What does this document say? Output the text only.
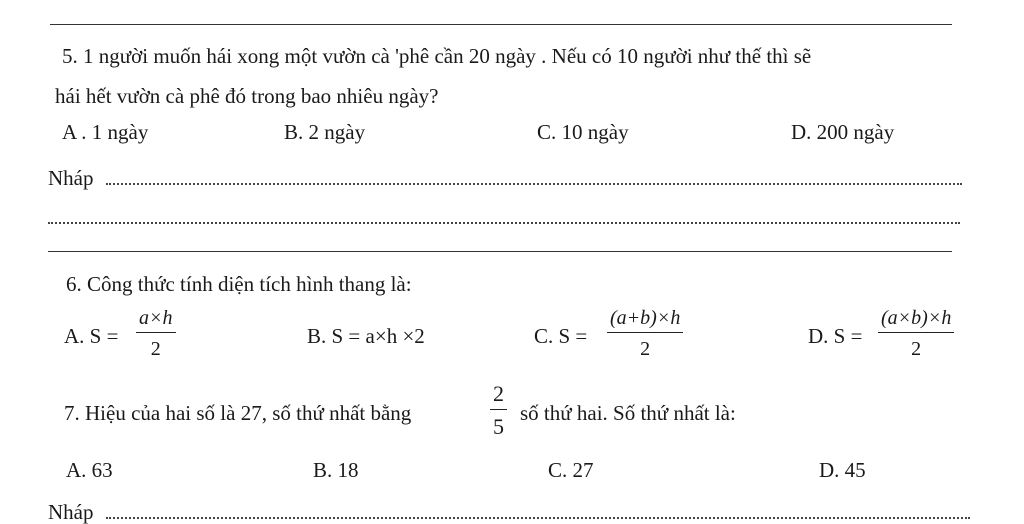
5. 1 người muốn hái xong một vườn cà 'phê cần 20 ngày . Nếu có 10 người như thế thì sẽ
hái hết vườn cà phê đó trong bao nhiêu ngày?
A . 1 ngày	B. 2 ngày	C. 10 ngày	D. 200 ngày
Nháp
6. Công thức tính diện tích hình thang là:
A. S =
a×h
2
B. S = a×h ×2	C. S =
(a+b)×h
2
D. S =
(a×b)×h
2
7. Hiệu của hai số là 27, số thứ nhất bằng
2
5
số thứ hai. Số thứ nhất là:
A. 63	B. 18	C. 27	D. 45
Nháp
